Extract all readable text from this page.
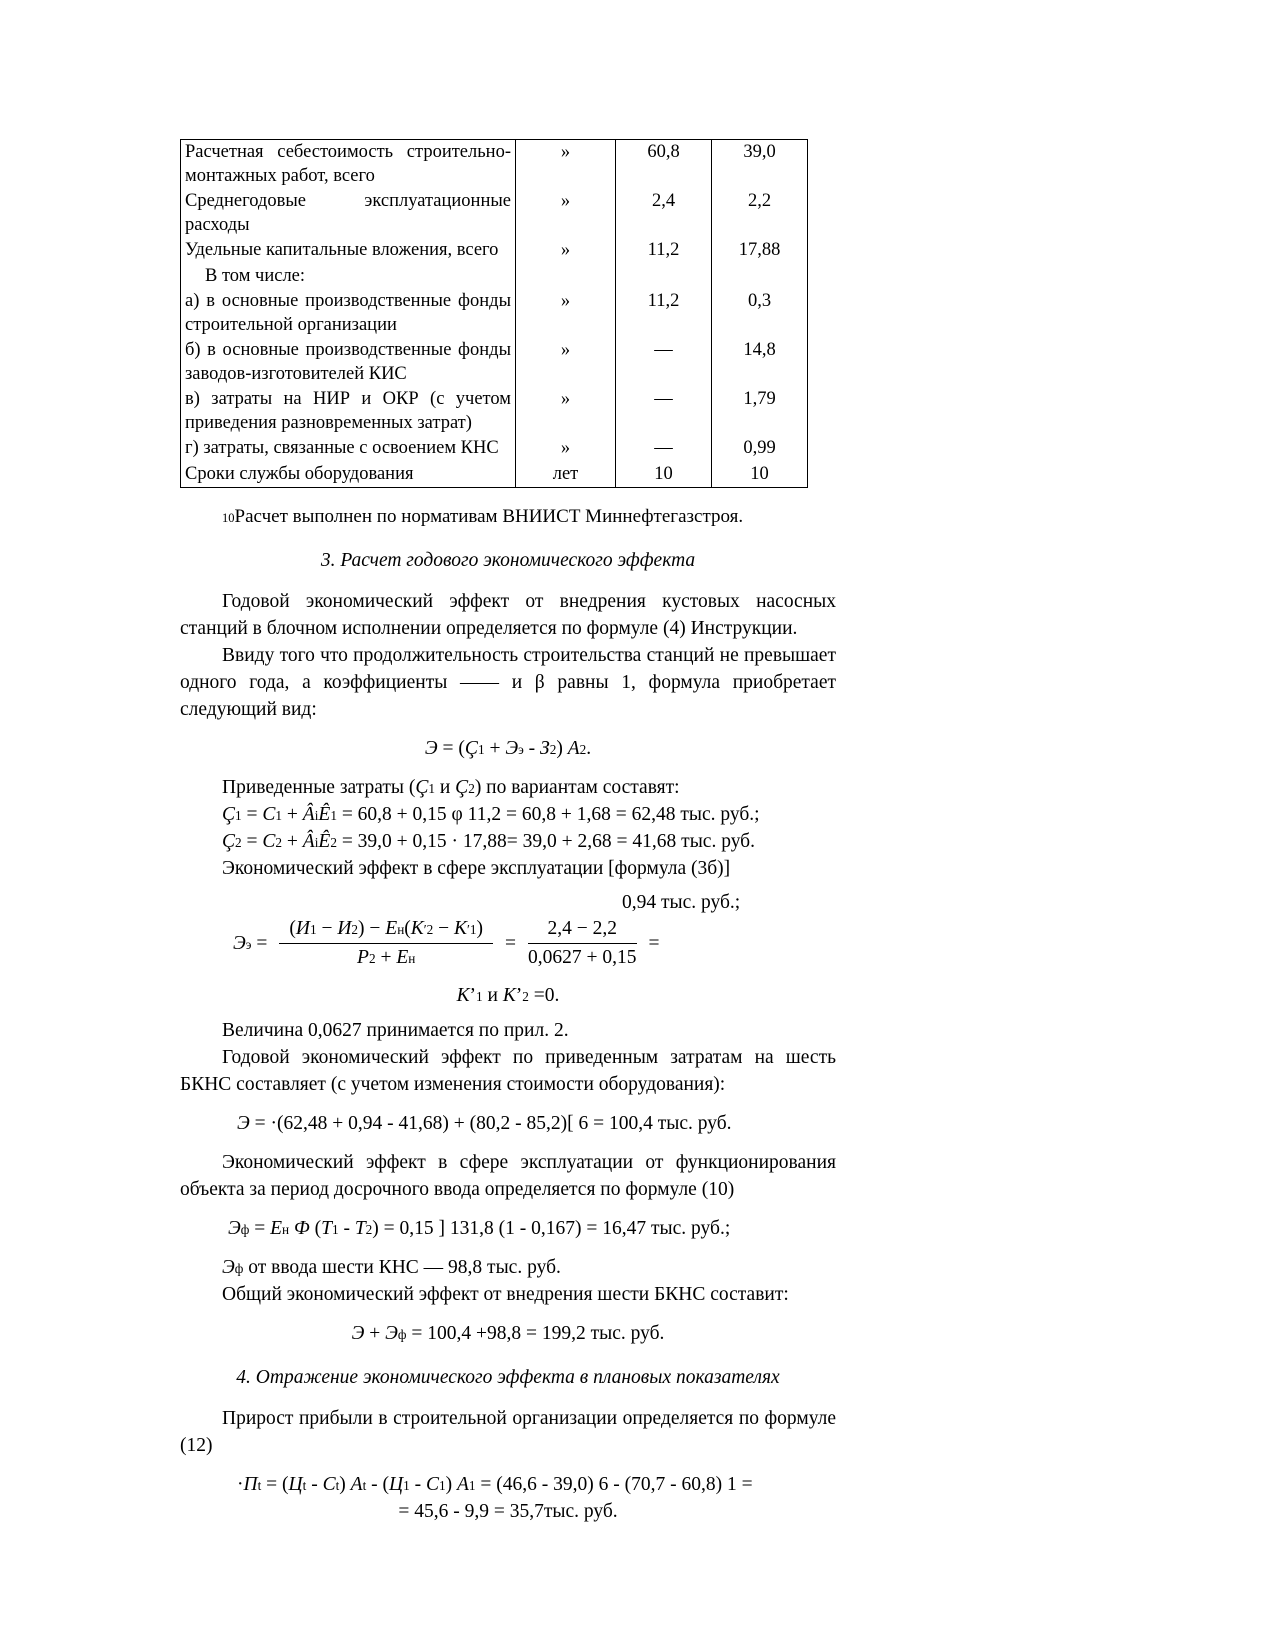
Расчетная себестоимость строительно-монтажных работ, всего	»	60,8	39,0
Среднегодовые эксплуатационные расходы	»	2,4	2,2
Удельные капитальные вложения, всего	»	11,2	17,88
В том числе:			
а) в основные производственные фонды строительной организации	»	11,2	0,3
б) в основные производственные фонды заводов-изготовителей КИС	»	—	14,8
в) затраты на НИР и ОКР (с учетом приведения разновременных затрат)	»	—	1,79
г) затраты, связанные с освоением КНС	»	—	0,99
Сроки службы оборудования	лет	10	10

$^{10}$Расчет выполнен по нормативам ВНИИСТ Миннефтегазстроя.

3. Расчет годового экономического эффекта

Годовой экономический эффект от внедрения кустовых насосных станций в блочном исполнении определяется по формуле (4) Инструкции.

Ввиду того что продолжительность строительства станций не превышает одного года, а коэффициенты —— и β равны 1, формула приобретает следующий вид:

$Э = (Ç_1 + Э_э - З_2)$ $А_2$.

Приведенные затраты ($Ç_1$ и $Ç_2$) по вариантам составят:

$Ç_1 = С_1$ + $Â_iÊ_1 = 60,8 + 0,15$ φ 11,2 = 60,8 + 1,68 = 62,48 тыс. руб.;

$Ç_2 = С_2$ + $Â_iÊ_2 = 39,0 + 0,15 \cdot 17,88= 39,0 + 2,68 = 41,68$ тыс. руб.

Экономический эффект в сфере эксплуатации [формула (3б)]

0,94 тыс. руб.;
$Э_э = \frac{(И_1 - И_2) - Е_н(К'_2 - К'_1)}{Р_2 + Е_н} = \frac{2,4 - 2,2}{0,0627 + 0,15}$ =
$К’_1$ и $К’_2 =0$.

Величина 0,0627 принимается по прил. 2.

Годовой экономический эффект по приведенным затратам на шесть БКНС составляет (с учетом изменения стоимости оборудования):

Э = ·(62,48 + 0,94 - 41,68) + (80,2 - 85,2)[ 6 = 100,4 тыс. руб.

Экономический эффект в сфере эксплуатации от функционирования объекта за период досрочного ввода определяется по формуле (10)

$Э_ф = Е_н$ Ф $(Т_1 - Т_2) = 0,15$ ] 131,8 (1 - 0,167) = 16,47 тыс. руб.;

$Э_ф$ от ввода шести КНС — 98,8 тыс. руб.

Общий экономический эффект от внедрения шести БКНС составит:

$Э + Э_ф = 100,4 +98,8 = 199,2$ тыс. руб.
4. Отражение экономического эффекта в плановых показателях

Прирост прибыли в строительной организации определяется по формуле (12)

$\cdot П_t = (Ц_t - С_t)$ $А_t - (Ц_1 - С_1) А_1 = (46,6 - 39,0)$ 6 - (70,7 - 60,8) 1 =
= 45,6 - 9,9 = 35,7тыс. руб.
